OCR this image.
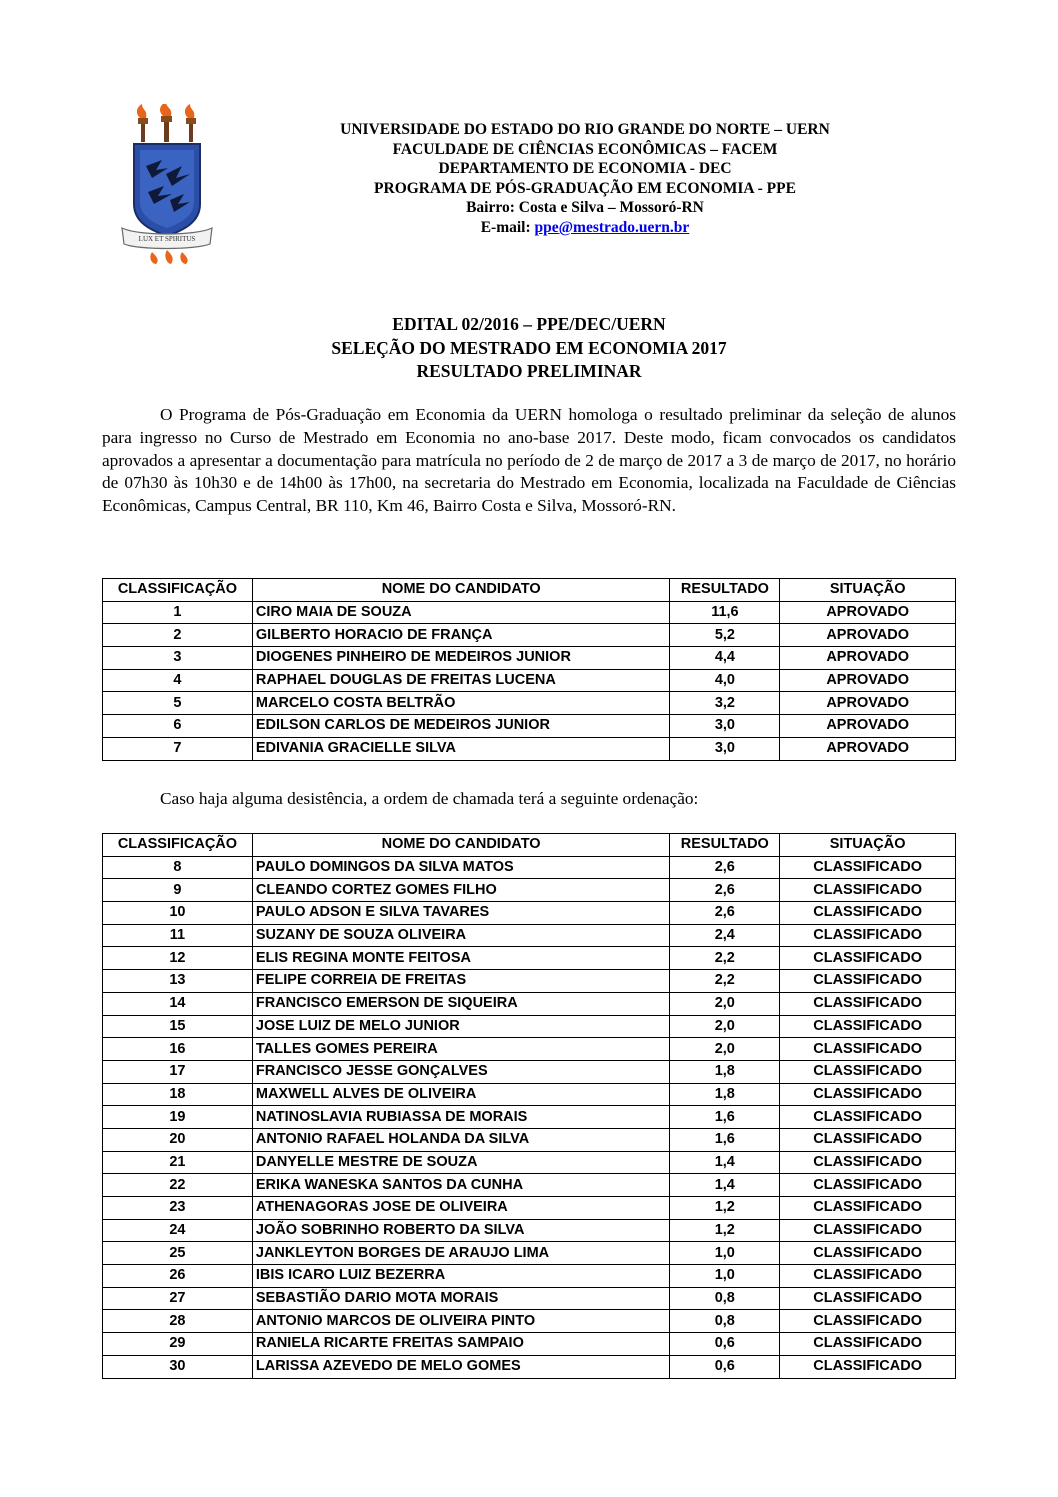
LUX ET SPIRITUS
UNIVERSIDADE DO ESTADO DO RIO GRANDE DO NORTE – UERN
FACULDADE DE CIÊNCIAS ECONÔMICAS – FACEM
DEPARTAMENTO DE ECONOMIA - DEC
PROGRAMA DE PÓS-GRADUAÇÃO EM ECONOMIA - PPE
Bairro: Costa e Silva – Mossoró-RN
E-mail: ppe@mestrado.uern.br
EDITAL 02/2016 – PPE/DEC/UERN
SELEÇÃO DO MESTRADO EM ECONOMIA 2017
RESULTADO PRELIMINAR

O Programa de Pós-Graduação em Economia da UERN homologa o resultado preliminar da seleção de alunos para ingresso no Curso de Mestrado em Economia no ano-base 2017. Deste modo, ficam convocados os candidatos aprovados a apresentar a documentação para matrícula no período de 2 de março de 2017 a 3 de março de 2017, no horário de 07h30 às 10h30 e de 14h00 às 17h00, na secretaria do Mestrado em Economia, localizada na Faculdade de Ciências Econômicas, Campus Central, BR 110, Km 46, Bairro Costa e Silva, Mossoró-RN.

CLASSIFICAÇÃO	NOME DO CANDIDATO	RESULTADO	SITUAÇÃO
1	CIRO MAIA DE SOUZA	11,6	APROVADO
2	GILBERTO HORACIO DE FRANÇA	5,2	APROVADO
3	DIOGENES PINHEIRO DE MEDEIROS JUNIOR	4,4	APROVADO
4	RAPHAEL DOUGLAS DE FREITAS LUCENA	4,0	APROVADO
5	MARCELO COSTA BELTRÃO	3,2	APROVADO
6	EDILSON CARLOS DE MEDEIROS JUNIOR	3,0	APROVADO
7	EDIVANIA GRACIELLE SILVA	3,0	APROVADO

Caso haja alguma desistência, a ordem de chamada terá a seguinte ordenação:

CLASSIFICAÇÃO	NOME DO CANDIDATO	RESULTADO	SITUAÇÃO
8	PAULO DOMINGOS DA SILVA MATOS	2,6	CLASSIFICADO
9	CLEANDO CORTEZ GOMES FILHO	2,6	CLASSIFICADO
10	PAULO ADSON E SILVA TAVARES	2,6	CLASSIFICADO
11	SUZANY DE SOUZA OLIVEIRA	2,4	CLASSIFICADO
12	ELIS REGINA MONTE FEITOSA	2,2	CLASSIFICADO
13	FELIPE CORREIA DE FREITAS	2,2	CLASSIFICADO
14	FRANCISCO EMERSON DE SIQUEIRA	2,0	CLASSIFICADO
15	JOSE LUIZ DE MELO JUNIOR	2,0	CLASSIFICADO
16	TALLES GOMES PEREIRA	2,0	CLASSIFICADO
17	FRANCISCO JESSE GONÇALVES	1,8	CLASSIFICADO
18	MAXWELL ALVES DE OLIVEIRA	1,8	CLASSIFICADO
19	NATINOSLAVIA RUBIASSA DE MORAIS	1,6	CLASSIFICADO
20	ANTONIO RAFAEL HOLANDA DA SILVA	1,6	CLASSIFICADO
21	DANYELLE MESTRE DE SOUZA	1,4	CLASSIFICADO
22	ERIKA WANESKA SANTOS DA CUNHA	1,4	CLASSIFICADO
23	ATHENAGORAS JOSE DE OLIVEIRA	1,2	CLASSIFICADO
24	JOÃO SOBRINHO ROBERTO DA SILVA	1,2	CLASSIFICADO
25	JANKLEYTON BORGES DE ARAUJO LIMA	1,0	CLASSIFICADO
26	IBIS ICARO LUIZ BEZERRA	1,0	CLASSIFICADO
27	SEBASTIÃO DARIO MOTA MORAIS	0,8	CLASSIFICADO
28	ANTONIO MARCOS DE OLIVEIRA PINTO	0,8	CLASSIFICADO
29	RANIELA RICARTE FREITAS SAMPAIO	0,6	CLASSIFICADO
30	LARISSA AZEVEDO DE MELO GOMES	0,6	CLASSIFICADO
